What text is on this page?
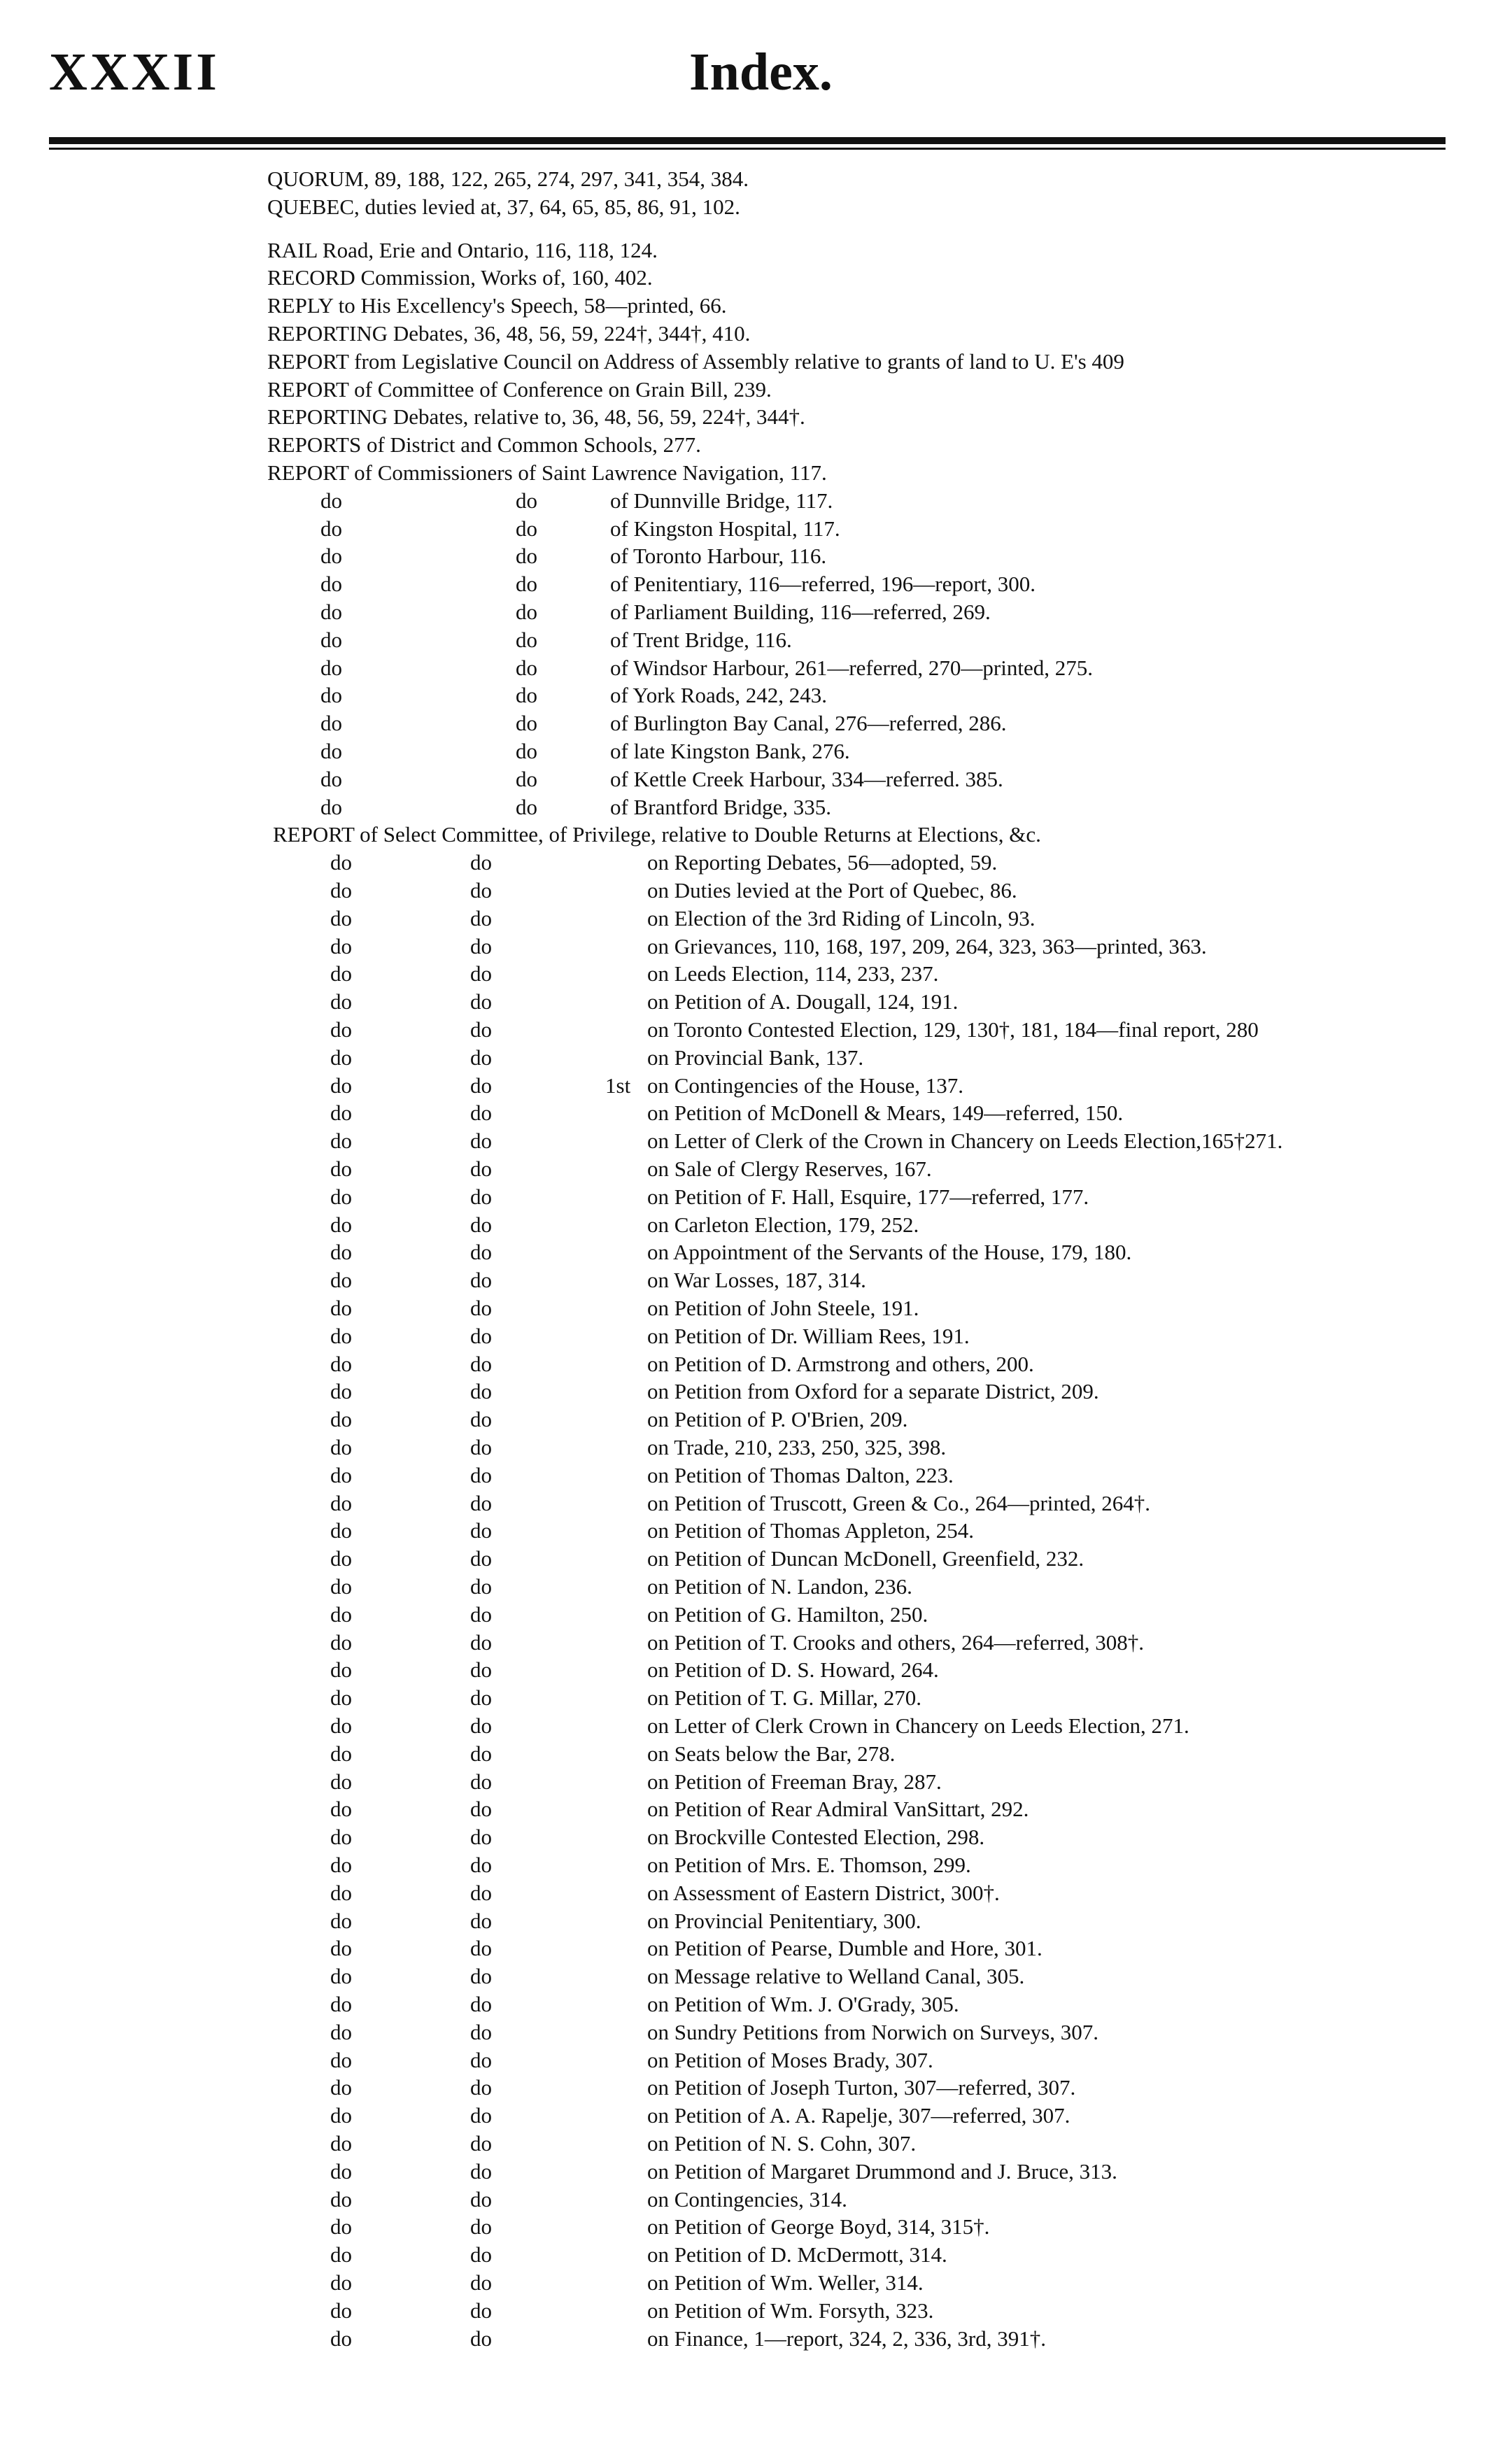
XXXII	Index.
QUORUM, 89, 188, 122, 265, 274, 297, 341, 354, 384.
QUEBEC, duties levied at, 37, 64, 65, 85, 86, 91, 102.
RAIL Road, Erie and Ontario, 116, 118, 124.
RECORD Commission, Works of, 160, 402.
REPLY to His Excellency's Speech, 58—printed, 66.
REPORTING Debates, 36, 48, 56, 59, 224†, 344†, 410.
REPORT from Legislative Council on Address of Assembly relative to grants of land to U. E's 409
REPORT of Committee of Conference on Grain Bill, 239.
REPORTING Debates, relative to, 36, 48, 56, 59, 224†, 344†.
REPORTS of District and Common Schools, 277.
REPORT of Commissioners of Saint Lawrence Navigation, 117.
do	do	of Dunnville Bridge, 117.
do	do	of Kingston Hospital, 117.
do	do	of Toronto Harbour, 116.
do	do	of Penitentiary, 116—referred, 196—report, 300.
do	do	of Parliament Building, 116—referred, 269.
do	do	of Trent Bridge, 116.
do	do	of Windsor Harbour, 261—referred, 270—printed, 275.
do	do	of York Roads, 242, 243.
do	do	of Burlington Bay Canal, 276—referred, 286.
do	do	of late Kingston Bank, 276.
do	do	of Kettle Creek Harbour, 334—referred. 385.
do	do	of Brantford Bridge, 335.
REPORT of Select Committee, of Privilege, relative to Double Returns at Elections, &c.
do	do	on Reporting Debates, 56—adopted, 59.
do	do	on Duties levied at the Port of Quebec, 86.
do	do	on Election of the 3rd Riding of Lincoln, 93.
do	do	on Grievances, 110, 168, 197, 209, 264, 323, 363—printed, 363.
do	do	on Leeds Election, 114, 233, 237.
do	do	on Petition of A. Dougall, 124, 191.
do	do	on Toronto Contested Election, 129, 130†, 181, 184—final report, 280
do	do	on Provincial Bank, 137.
do	do	1st on Contingencies of the House, 137.
do	do	on Petition of McDonell & Mears, 149—referred, 150.
do	do	on Letter of Clerk of the Crown in Chancery on Leeds Election,165†271.
do	do	on Sale of Clergy Reserves, 167.
do	do	on Petition of F. Hall, Esquire, 177—referred, 177.
do	do	on Carleton Election, 179, 252.
do	do	on Appointment of the Servants of the House, 179, 180.
do	do	on War Losses, 187, 314.
do	do	on Petition of John Steele, 191.
do	do	on Petition of Dr. William Rees, 191.
do	do	on Petition of D. Armstrong and others, 200.
do	do	on Petition from Oxford for a separate District, 209.
do	do	on Petition of P. O'Brien, 209.
do	do	on Trade, 210, 233, 250, 325, 398.
do	do	on Petition of Thomas Dalton, 223.
do	do	on Petition of Truscott, Green & Co., 264—printed, 264†.
do	do	on Petition of Thomas Appleton, 254.
do	do	on Petition of Duncan McDonell, Greenfield, 232.
do	do	on Petition of N. Landon, 236.
do	do	on Petition of G. Hamilton, 250.
do	do	on Petition of T. Crooks and others, 264—referred, 308†.
do	do	on Petition of D. S. Howard, 264.
do	do	on Petition of T. G. Millar, 270.
do	do	on Letter of Clerk Crown in Chancery on Leeds Election, 271.
do	do	on Seats below the Bar, 278.
do	do	on Petition of Freeman Bray, 287.
do	do	on Petition of Rear Admiral VanSittart, 292.
do	do	on Brockville Contested Election, 298.
do	do	on Petition of Mrs. E. Thomson, 299.
do	do	on Assessment of Eastern District, 300†.
do	do	on Provincial Penitentiary, 300.
do	do	on Petition of Pearse, Dumble and Hore, 301.
do	do	on Message relative to Welland Canal, 305.
do	do	on Petition of Wm. J. O'Grady, 305.
do	do	on Sundry Petitions from Norwich on Surveys, 307.
do	do	on Petition of Moses Brady, 307.
do	do	on Petition of Joseph Turton, 307—referred, 307.
do	do	on Petition of A. A. Rapelje, 307—referred, 307.
do	do	on Petition of N. S. Cohn, 307.
do	do	on Petition of Margaret Drummond and J. Bruce, 313.
do	do	on Contingencies, 314.
do	do	on Petition of George Boyd, 314, 315†.
do	do	on Petition of D. McDermott, 314.
do	do	on Petition of Wm. Weller, 314.
do	do	on Petition of Wm. Forsyth, 323.
do	do	on Finance, 1—report, 324, 2, 336, 3rd, 391†.
